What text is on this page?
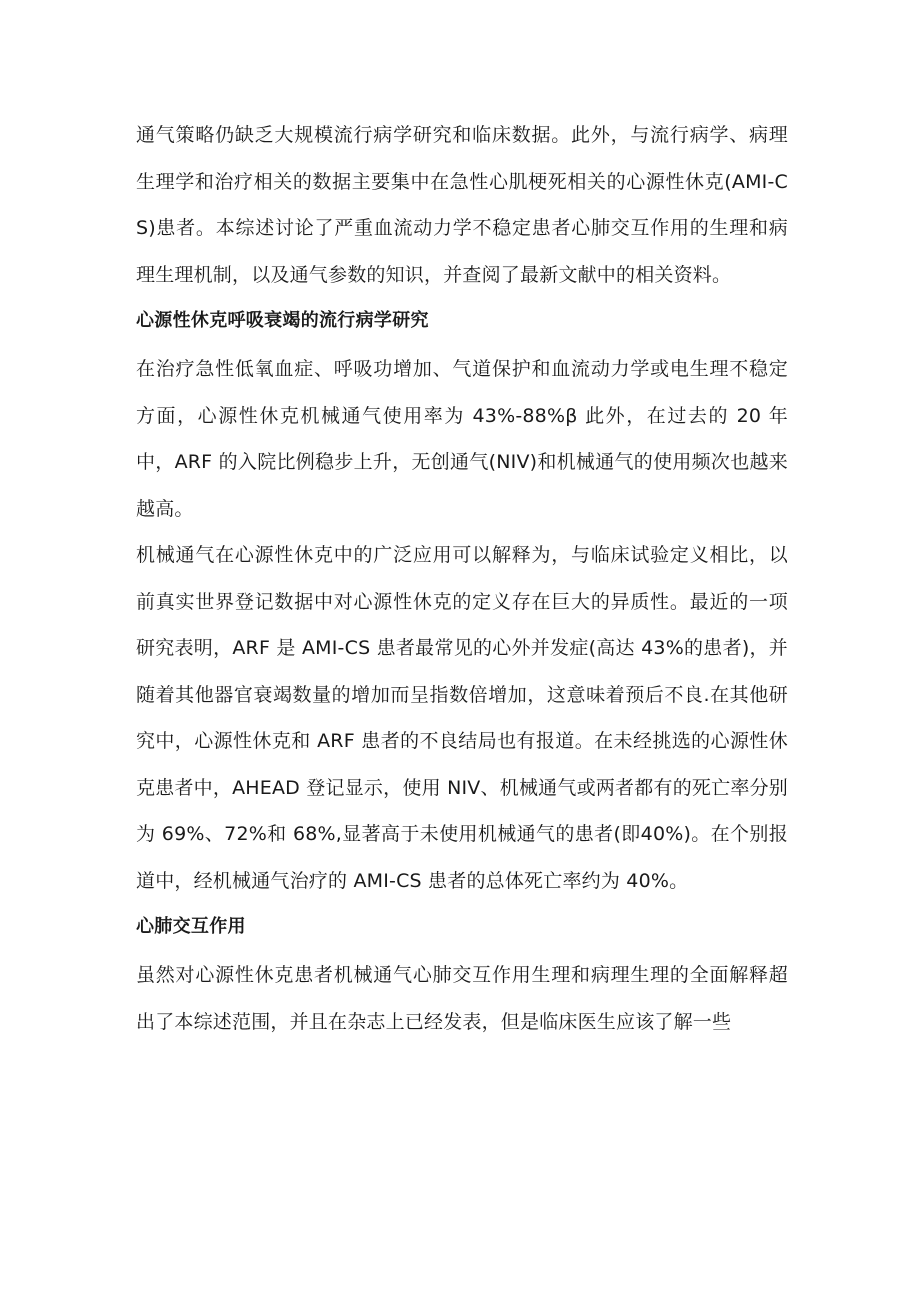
通气策略仍缺乏大规模流行病学研究和临床数据。此外，与流行病学、病理生理学和治疗相关的数据主要集中在急性心肌梗死相关的心源性休克(AMI-CS)患者。本综述讨论了严重血流动力学不稳定患者心肺交互作用的生理和病理生理机制，以及通气参数的知识，并查阅了最新文献中的相关资料。

心源性休克呼吸衰竭的流行病学研究

在治疗急性低氧血症、呼吸功增加、气道保护和血流动力学或电生理不稳定方面，心源性休克机械通气使用率为 43%-88%β 此外，在过去的 20 年中，ARF 的入院比例稳步上升，无创通气(NIV)和机械通气的使用频次也越来越高。

机械通气在心源性休克中的广泛应用可以解释为，与临床试验定义相比，以前真实世界登记数据中对心源性休克的定义存在巨大的异质性。最近的一项研究表明，ARF 是 AMI-CS 患者最常见的心外并发症(高达 43%的患者)，并随着其他器官衰竭数量的增加而呈指数倍增加，这意味着预后不良.在其他研究中，心源性休克和 ARF 患者的不良结局也有报道。在未经挑选的心源性休克患者中，AHEAD 登记显示，使用 NIV、机械通气或两者都有的死亡率分别为 69%、72%和 68%,显著高于未使用机械通气的患者(即40%)。在个别报道中，经机械通气治疗的 AMI-CS 患者的总体死亡率约为 40%。

心肺交互作用

虽然对心源性休克患者机械通气心肺交互作用生理和病理生理的全面解释超出了本综述范围，并且在杂志上已经发表，但是临床医生应该了解一些
